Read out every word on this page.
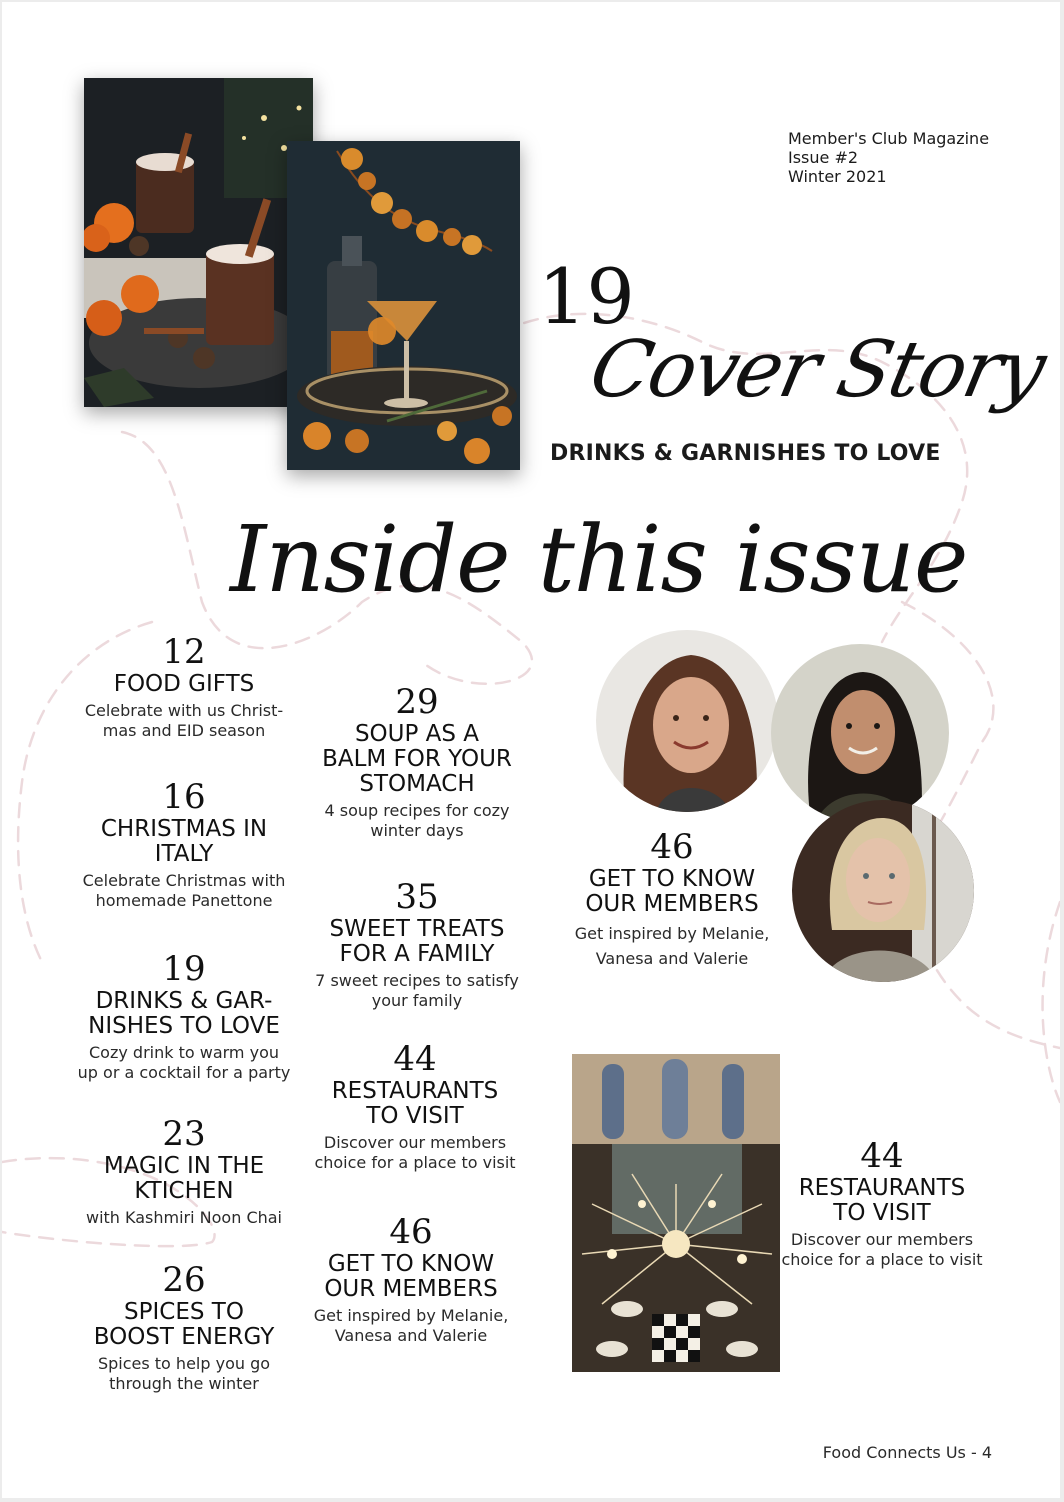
Member's Club Magazine
Issue #2
Winter 2021
19
Cover Story
DRINKS & GARNISHES TO LOVE
Inside this issue
12
FOOD GIFTS
Celebrate with us Christ-
mas and EID season
16
CHRISTMAS IN
ITALY
Celebrate Christmas with
homemade Panettone
19
DRINKS & GAR-
NISHES TO LOVE
Cozy drink to warm you
up or a cocktail for a party
23
MAGIC IN THE
KTICHEN
with Kashmiri Noon Chai
26
SPICES TO
BOOST ENERGY
Spices to help you go
through the winter
29
SOUP AS A
BALM FOR YOUR
STOMACH
4 soup recipes for cozy
winter days
35
SWEET TREATS
FOR A FAMILY
7 sweet recipes to satisfy
your family
44
RESTAURANTS
TO VISIT
Discover our members
choice for a place to visit
46
GET TO KNOW
OUR MEMBERS
Get inspired by Melanie,
Vanesa and Valerie
46
GET TO KNOW
OUR MEMBERS
Get inspired by Melanie,
Vanesa and Valerie
44
RESTAURANTS
TO VISIT
Discover our members
choice for a place to visit
Food Connects Us - 4
